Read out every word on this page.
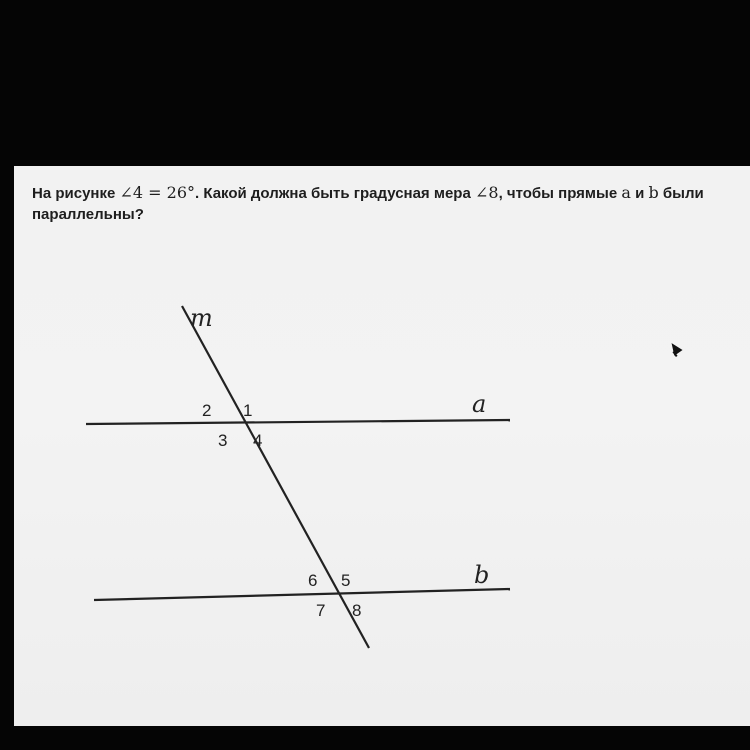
На рисунке ∠4 = 26°. Какой должна быть градусная мера ∠8, чтобы прямые a и b были параллельны?
m
a
b
1
2
3 4
5
6
7 8
